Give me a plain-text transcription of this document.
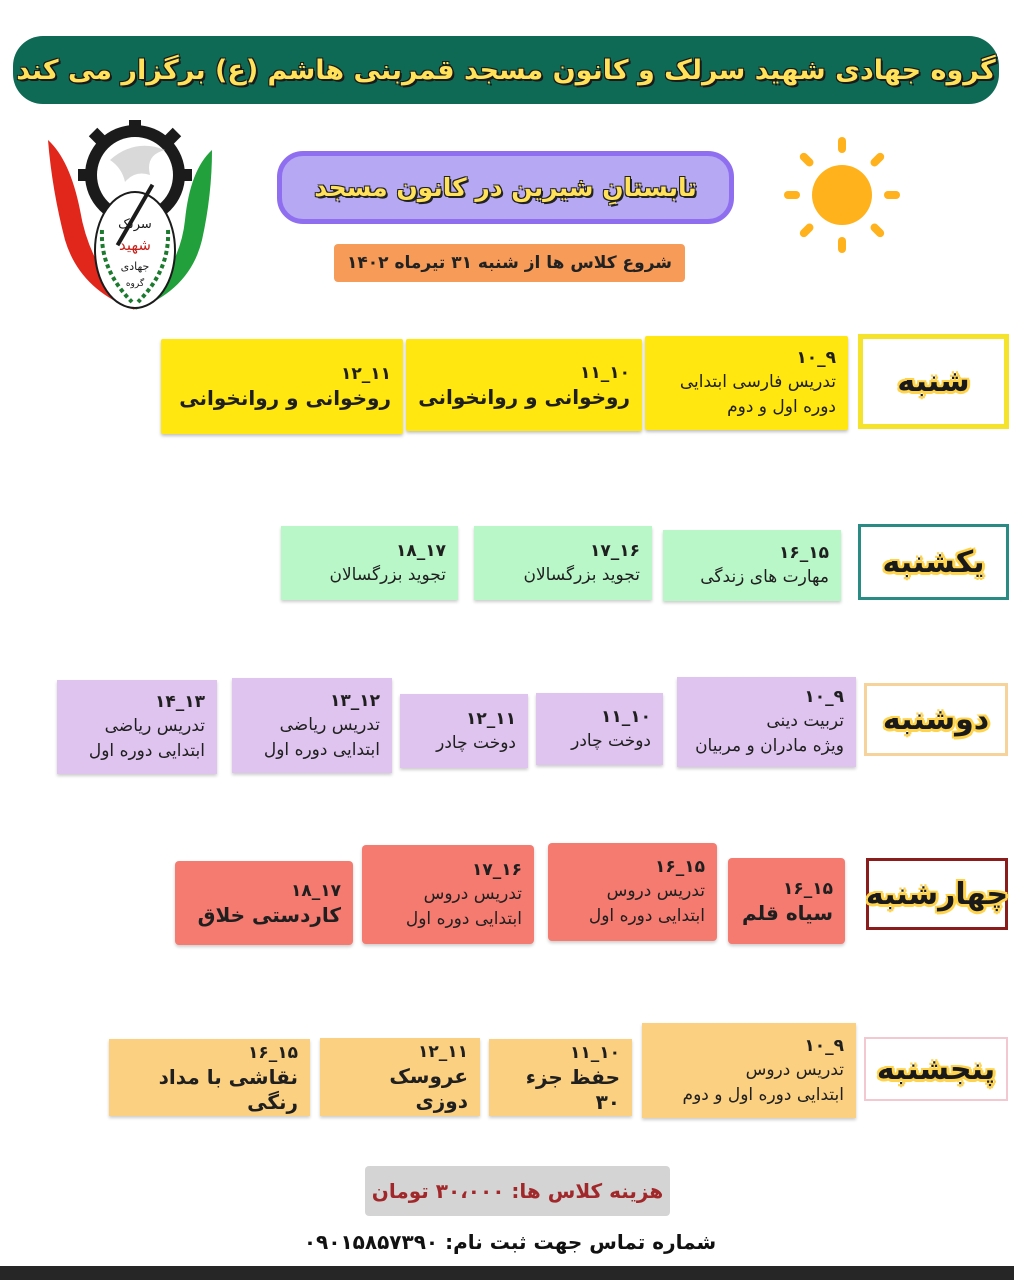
گروه جهادی شهید سرلک و کانون مسجد قمربنی هاشم (ع) برگزار می کند
سرلک
شهید
جهادی
گروه
تابستانِ شیرین در کانون مسجد
شروع کلاس ها از شنبه ۳۱ تیرماه ۱۴۰۲
شنبه
۹_۱۰
تدریس فارسی ابتدایی
دوره اول و دوم
۱۰_۱۱
روخوانی و روانخوانی
۱۱_۱۲
روخوانی و روانخوانی
یکشنبه
۱۵_۱۶
مهارت های زندگی
۱۶_۱۷
تجوید بزرگسالان
۱۷_۱۸
تجوید بزرگسالان
دوشنبه
۹_۱۰
تربیت دینی
ویژه مادران و مربیان
۱۰_۱۱
دوخت چادر
۱۱_۱۲
دوخت چادر
۱۲_۱۳
تدریس ریاضی
ابتدایی دوره اول
۱۳_۱۴
تدریس ریاضی
ابتدایی دوره اول
چهارشنبه
۱۵_۱۶
سیاه قلم
۱۵_۱۶
تدریس دروس
ابتدایی دوره اول
۱۶_۱۷
تدریس دروس
ابتدایی دوره اول
۱۷_۱۸
کاردستی خلاق
پنجشنبه
۹_۱۰
تدریس دروس
ابتدایی دوره اول و دوم
۱۰_۱۱
حفظ جزء ۳۰
۱۱_۱۲
عروسک دوزی
۱۵_۱۶
نقاشی با مداد رنگی
هزینه کلاس ها: ۳۰،۰۰۰ تومان
شماره تماس جهت ثبت نام: ۰۹۰۱۵۸۵۷۳۹۰
